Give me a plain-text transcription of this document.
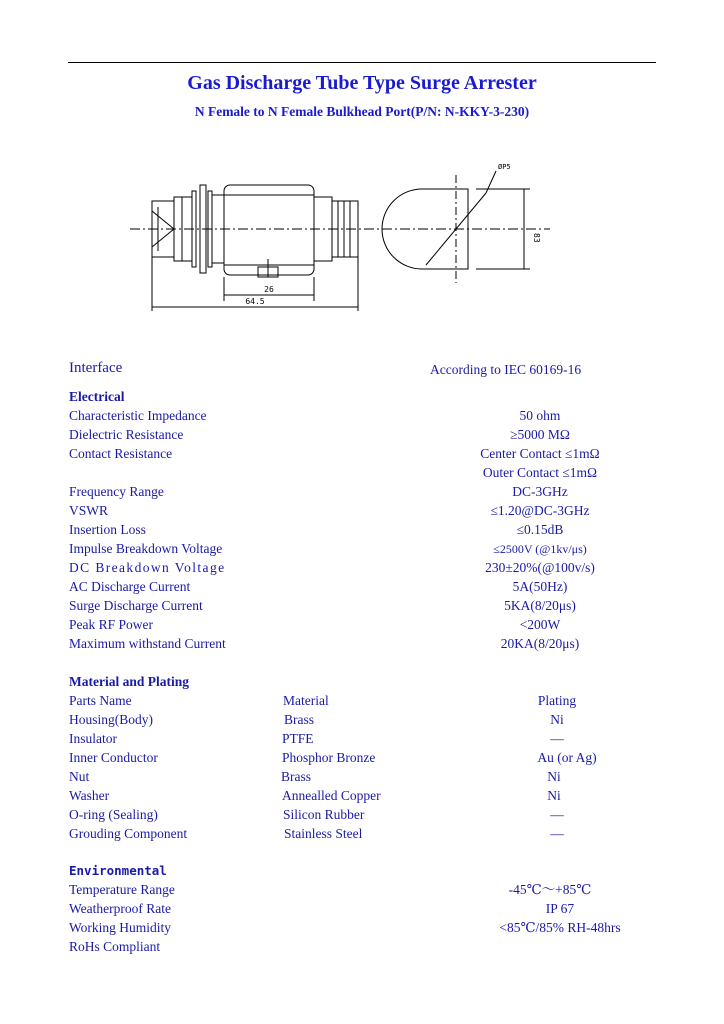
Gas Discharge Tube Type Surge Arrester
N Female to N Female Bulkhead Port(P/N: N-KKY-3-230)
26
64.5
ØP5
83
Interface	According to IEC 60169-16
Electrical
Characteristic Impedance	50 ohm
Dielectric Resistance	≥5000 MΩ
Contact Resistance	Center Contact ≤1mΩ
Outer Contact ≤1mΩ
Frequency Range	DC-3GHz
VSWR	≤1.20@DC-3GHz
Insertion Loss	≤0.15dB
Impulse Breakdown Voltage	≤2500V (@1kv/μs)
DC Breakdown Voltage	230±20%(@100v/s)
AC Discharge Current	5A(50Hz)
Surge Discharge Current	5KA(8/20μs)
Peak RF Power	<200W
Maximum withstand Current	20KA(8/20μs)
Material and Plating
Parts Name	Material	Plating
Housing(Body)	Brass	Ni
Insulator	PTFE	—
Inner Conductor	Phosphor Bronze	Au (or Ag)
Nut	Brass	Ni
Washer	Annealled Copper	Ni
O-ring (Sealing)	Silicon Rubber	—
Grouding Component	Stainless Steel	—
Environmental
Temperature Range	-45℃～+85℃
Weatherproof Rate	IP 67
Working Humidity	<85℃/85% RH-48hrs
RoHs Compliant
